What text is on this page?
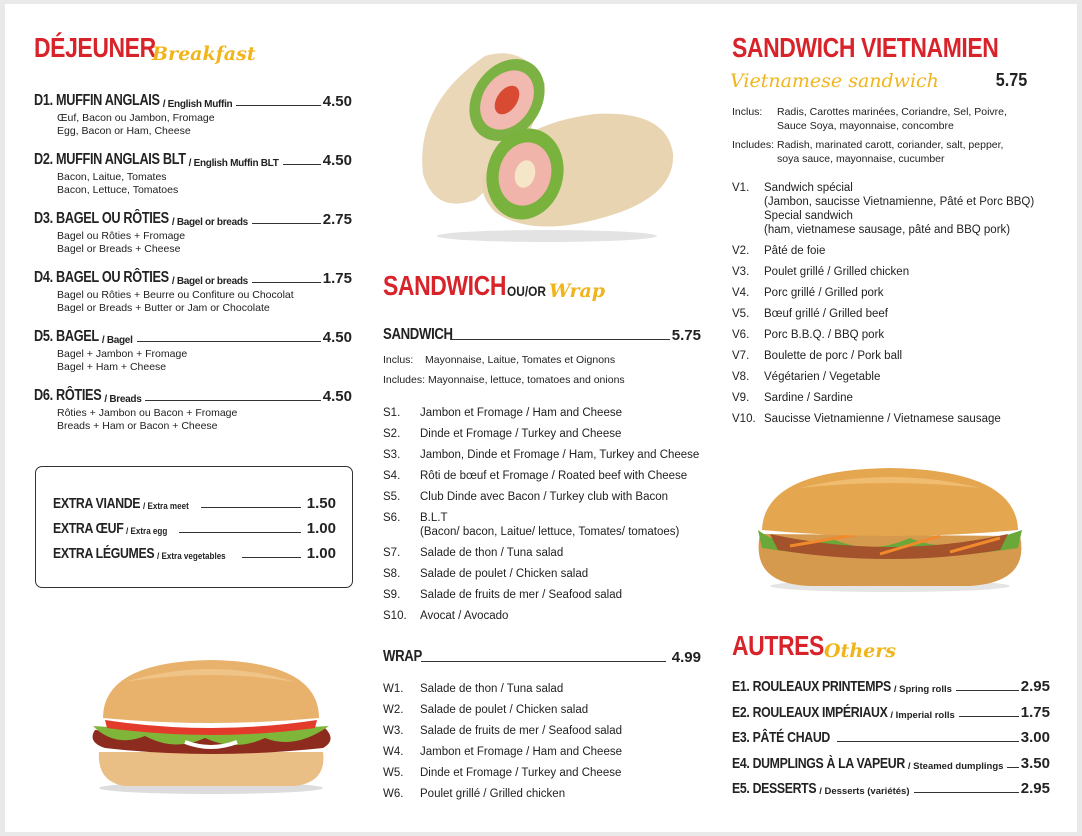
DÉJEUNER
Breakfast
D1. MUFFIN ANGLAIS / English Muffin	4.50
Œuf, Bacon ou Jambon, Fromage
Egg, Bacon or Ham, Cheese
D2. MUFFIN ANGLAIS BLT / English Muffin BLT	4.50
Bacon, Laitue, Tomates
Bacon, Lettuce, Tomatoes
D3. BAGEL OU RÔTIES / Bagel or breads	2.75
Bagel ou Rôties + Fromage
Bagel or Breads + Cheese
D4. BAGEL OU RÔTIES / Bagel or breads	1.75
Bagel ou Rôties + Beurre ou Confiture ou Chocolat
Bagel or Breads + Butter or Jam or Chocolate
D5. BAGEL / Bagel	4.50
Bagel + Jambon + Fromage
Bagel + Ham + Cheese
D6. RÔTIES / Breads	4.50
Rôties + Jambon ou Bacon + Fromage
Breads + Ham or Bacon + Cheese
EXTRA VIANDE / Extra meet	1.50
EXTRA ŒUF / Extra egg	1.00
EXTRA LÉGUMES / Extra vegetables	1.00
SANDWICH OU/OR Wrap
SANDWICH	5.75
Inclus: Mayonnaise, Laitue, Tomates et Oignons
Includes: Mayonnaise, lettuce, tomatoes and onions
S1.	Jambon et Fromage / Ham and Cheese
S2.	Dinde et Fromage / Turkey and Cheese
S3.	Jambon, Dinde et Fromage / Ham, Turkey and Cheese
S4.	Rôti de bœuf et Fromage / Roated beef with Cheese
S5.	Club Dinde avec Bacon / Turkey club with Bacon
S6.	B.L.T
(Bacon/ bacon, Laitue/ lettuce, Tomates/ tomatoes)
S7.	Salade de thon / Tuna salad
S8.	Salade de poulet / Chicken salad
S9.	Salade de fruits de mer / Seafood salad
S10.	Avocat / Avocado
WRAP	4.99
W1.	Salade de thon / Tuna salad
W2.	Salade de poulet / Chicken salad
W3.	Salade de fruits de mer / Seafood salad
W4.	Jambon et Fromage / Ham and Cheese
W5.	Dinde et Fromage / Turkey and Cheese
W6.	Poulet grillé / Grilled chicken
SANDWICH VIETNAMIEN
Vietnamese sandwich	5.75
Inclus:	Radis, Carottes marinées, Coriandre, Sel, Poivre,
Sauce Soya, mayonnaise, concombre
Includes: Radish, marinated carott, coriander, salt, pepper,
soya sauce, mayonnaise, cucumber
V1.	Sandwich spécial
(Jambon, saucisse Vietnamienne, Pâté et Porc BBQ)
Special sandwich
(ham, vietnamese sausage, pâté and BBQ pork)
V2.	Pâté de foie
V3.	Poulet grillé / Grilled chicken
V4.	Porc grillé / Grilled pork
V5.	Bœuf grillé / Grilled beef
V6.	Porc B.B.Q. / BBQ pork
V7.	Boulette de porc / Pork ball
V8.	Végétarien / Vegetable
V9.	Sardine / Sardine
V10. Saucisse Vietnamienne / Vietnamese sausage
AUTRES Others
E1. ROULEAUX PRINTEMPS / Spring rolls	2.95
E2. ROULEAUX IMPÉRIAUX / Imperial rolls	1.75
E3. PÂTÉ CHAUD	3.00
E4. DUMPLINGS À LA VAPEUR / Steamed dumplings 3.50
E5. DESSERTS / Desserts (variétés)	2.95
